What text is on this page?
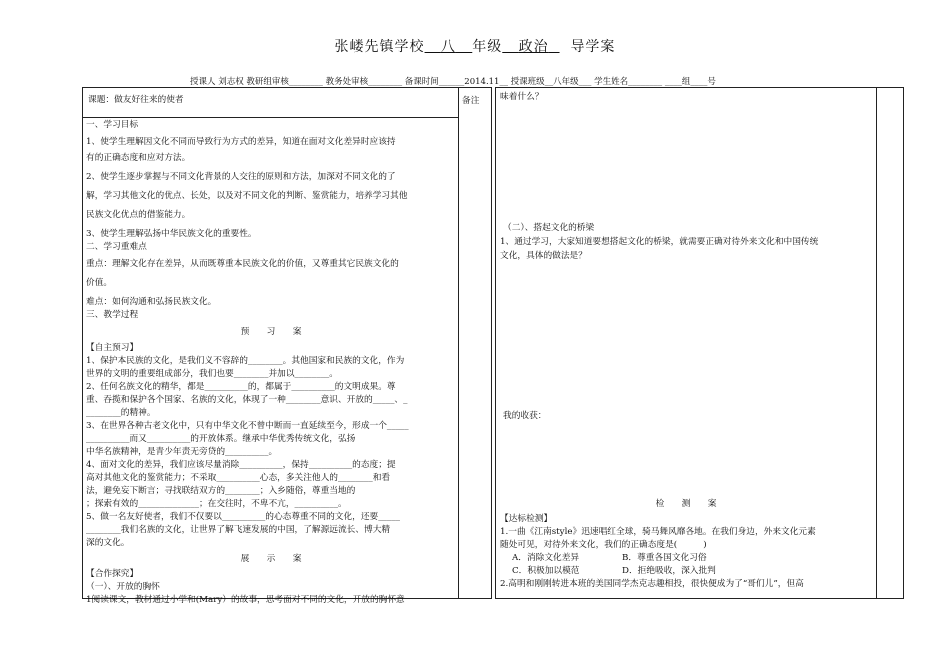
张嵝先镇学校 八 年级 政治 导学案
授课人 刘志权 教研组审核________ 教务处审核________ 备课时间______2014.11__ 授课班级__八年级___ 学生姓名________ ____组____号
课题：做友好往来的使者	备注
一、学习目标
1、使学生理解因文化不同而导致行为方式的差异，知道在面对文化差异时应该持
有的正确态度和应对方法。
2、使学生逐步掌握与不同文化背景的人交往的原则和方法，加深对不同文化的了
解，学习其他文化的优点、长处，以及对不同文化的判断、鉴赏能力，培养学习其他
民族文化优点的借鉴能力。
3、使学生理解弘扬中华民族文化的重要性。
二、学习重难点
重点：理解文化存在差异，从而既尊重本民族文化的价值，又尊重其它民族文化的
价值。
难点：如何沟通和弘扬民族文化。
三、教学过程
预　　习　　案
【自主预习】
1、保护本民族的文化，是我们义不容辞的________。其他国家和民族的文化，作为
世界的文明的重要组成部分，我们也要________并加以________。
2、任何名族文化的精华，都是__________的，都属于__________的文明成果。尊
重、吞揽和保护各个国家、名族的文化，体现了一种________意识、开放的_____、_
________的精神。
3、在世界各种古老文化中，只有中华文化不曾中断而一直延续至今，形成一个_____
__________而又__________的开放体系。继承中华优秀传统文化，弘扬
中华名族精神，是青少年责无旁贷的__________。
4、面对文化的差异，我们应该尽量消除__________，保持__________的态度；提
高对其他文化的鉴赏能力；不采取__________心态，多关注他人的________和看
法，避免妄下断言；寻找联结双方的________；入乡随俗，尊重当地的
；探索有效的______________；在交往时，不卑不亢，__________。
5、做一名友好使者，我们不仅要以__________的心态尊重不同的文化，还要_____
________我们名族的文化，让世界了解飞速发展的中国，了解源远流长、博大精
深的文化。
展　　示　　案
【合作探究】
（一）、开放的胸怀
1阅读课文，教材通过小学和(Mary）的故事，思考面对不同的文化，开放的胸怀意
味着什么？
（二）、搭起文化的桥梁
1、通过学习，大家知道要想搭起文化的桥梁，就需要正确对待外来文化和中国传统
文化，具体的做法是？
我的收获：
检　　测　　案
【达标检测】
1.一曲《江南style》迅速唱红全球，骑马舞风靡各地。在我们身边，外来文化元素
随处可见，对待外来文化，我们的正确态度是(　　　)
A．消除文化差异	B．尊重各国文化习俗
C．积极加以模范	D．拒绝吸收，深入批判
2.高明和刚刚转进本班的美国同学杰克志趣相投，很快便成为了“哥们儿”，但高
